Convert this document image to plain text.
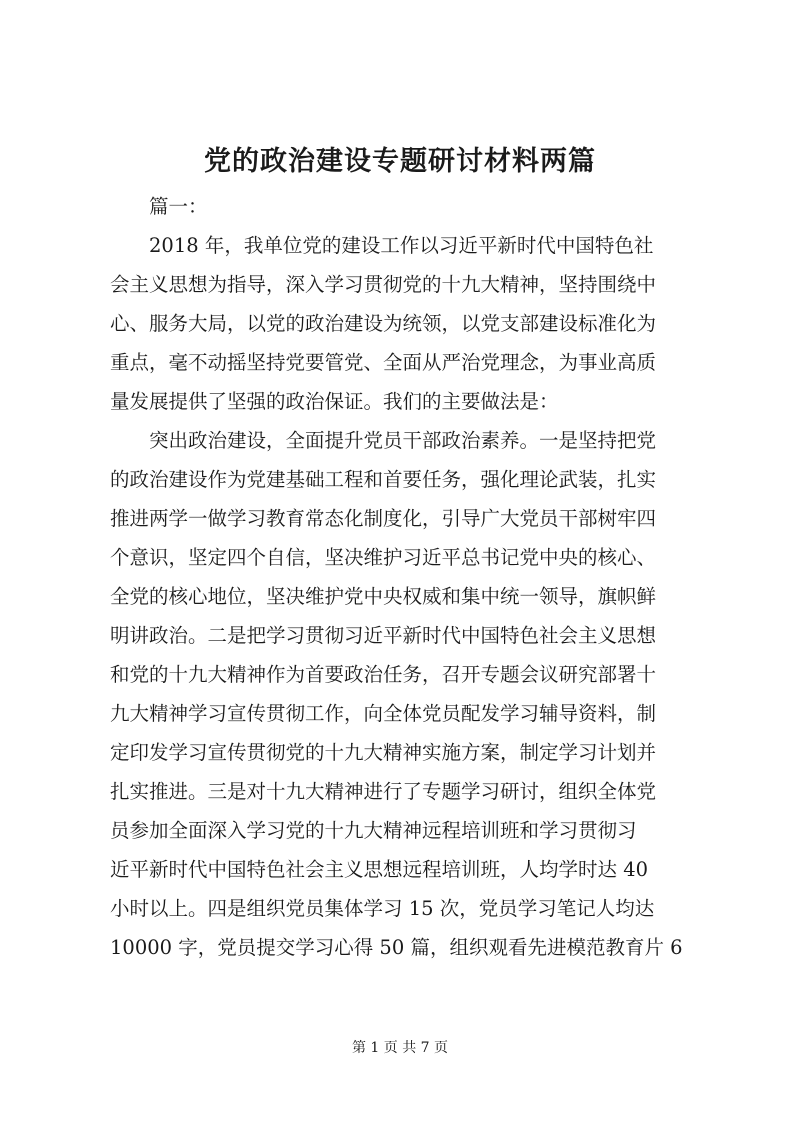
党的政治建设专题研讨材料两篇
篇一：
2018 年，我单位党的建设工作以习近平新时代中国特色社
会主义思想为指导，深入学习贯彻党的十九大精神，坚持围绕中
心、服务大局，以党的政治建设为统领，以党支部建设标准化为
重点，毫不动摇坚持党要管党、全面从严治党理念，为事业高质
量发展提供了坚强的政治保证。我们的主要做法是：
突出政治建设，全面提升党员干部政治素养。一是坚持把党
的政治建设作为党建基础工程和首要任务，强化理论武装，扎实
推进两学一做学习教育常态化制度化，引导广大党员干部树牢四
个意识，坚定四个自信，坚决维护习近平总书记党中央的核心、
全党的核心地位，坚决维护党中央权威和集中统一领导，旗帜鲜
明讲政治。二是把学习贯彻习近平新时代中国特色社会主义思想
和党的十九大精神作为首要政治任务，召开专题会议研究部署十
九大精神学习宣传贯彻工作，向全体党员配发学习辅导资料，制
定印发学习宣传贯彻党的十九大精神实施方案，制定学习计划并
扎实推进。三是对十九大精神进行了专题学习研讨，组织全体党
员参加全面深入学习党的十九大精神远程培训班和学习贯彻习
近平新时代中国特色社会主义思想远程培训班，人均学时达 40
小时以上。四是组织党员集体学习 15 次，党员学习笔记人均达
10000 字，党员提交学习心得 50 篇，组织观看先进模范教育片 6
第 1 页 共 7 页
